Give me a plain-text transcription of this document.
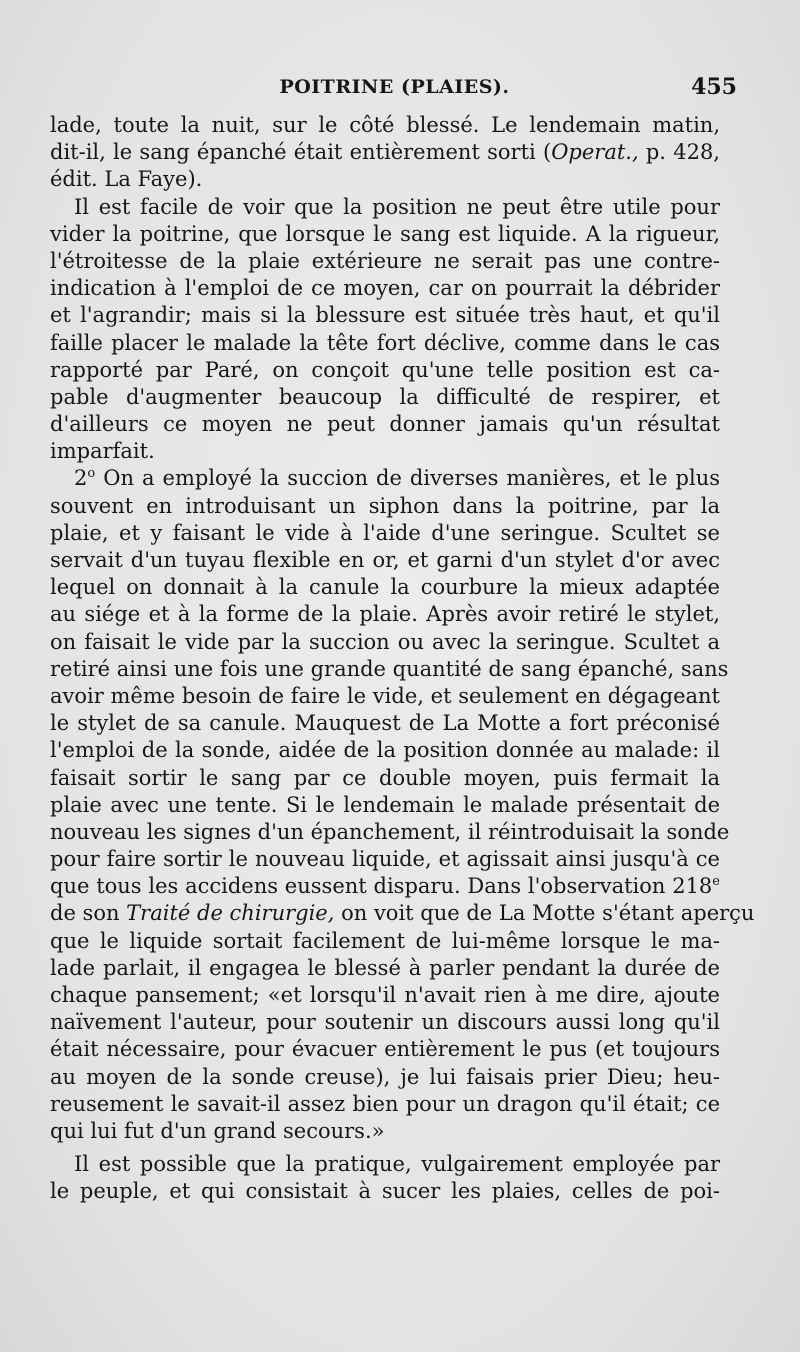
POITRINE (PLAIES).	455
lade, toute la nuit, sur le côté blessé. Le lendemain matin,
dit-il, le sang épanché était entièrement sorti (Operat., p. 428,
édit. La Faye).
Il est facile de voir que la position ne peut être utile pour
vider la poitrine, que lorsque le sang est liquide. A la rigueur,
l'étroitesse de la plaie extérieure ne serait pas une contre-
indication à l'emploi de ce moyen, car on pourrait la débrider
et l'agrandir; mais si la blessure est située très haut, et qu'il
faille placer le malade la tête fort déclive, comme dans le cas
rapporté par Paré, on conçoit qu'une telle position est ca-
pable d'augmenter beaucoup la difficulté de respirer, et
d'ailleurs ce moyen ne peut donner jamais qu'un résultat
imparfait.
2$^o$ On a employé la succion de diverses manières, et le plus
souvent en introduisant un siphon dans la poitrine, par la
plaie, et y faisant le vide à l'aide d'une seringue. Scultet se
servait d'un tuyau flexible en or, et garni d'un stylet d'or avec
lequel on donnait à la canule la courbure la mieux adaptée
au siége et à la forme de la plaie. Après avoir retiré le stylet,
on faisait le vide par la succion ou avec la seringue. Scultet a
retiré ainsi une fois une grande quantité de sang épanché, sans
avoir même besoin de faire le vide, et seulement en dégageant
le stylet de sa canule. Mauquest de La Motte a fort préconisé
l'emploi de la sonde, aidée de la position donnée au malade: il
faisait sortir le sang par ce double moyen, puis fermait la
plaie avec une tente. Si le lendemain le malade présentait de
nouveau les signes d'un épanchement, il réintroduisait la sonde
pour faire sortir le nouveau liquide, et agissait ainsi jusqu'à ce
que tous les accidens eussent disparu. Dans l'observation 218e
de son Traité de chirurgie, on voit que de La Motte s'étant aperçu
que le liquide sortait facilement de lui-même lorsque le ma-
lade parlait, il engagea le blessé à parler pendant la durée de
chaque pansement; «et lorsqu'il n'avait rien à me dire, ajoute
naïvement l'auteur, pour soutenir un discours aussi long qu'il
était nécessaire, pour évacuer entièrement le pus (et toujours
au moyen de la sonde creuse), je lui faisais prier Dieu; heu-
reusement le savait-il assez bien pour un dragon qu'il était; ce
qui lui fut d'un grand secours.»
Il est possible que la pratique, vulgairement employée par
le peuple, et qui consistait à sucer les plaies, celles de poi-
